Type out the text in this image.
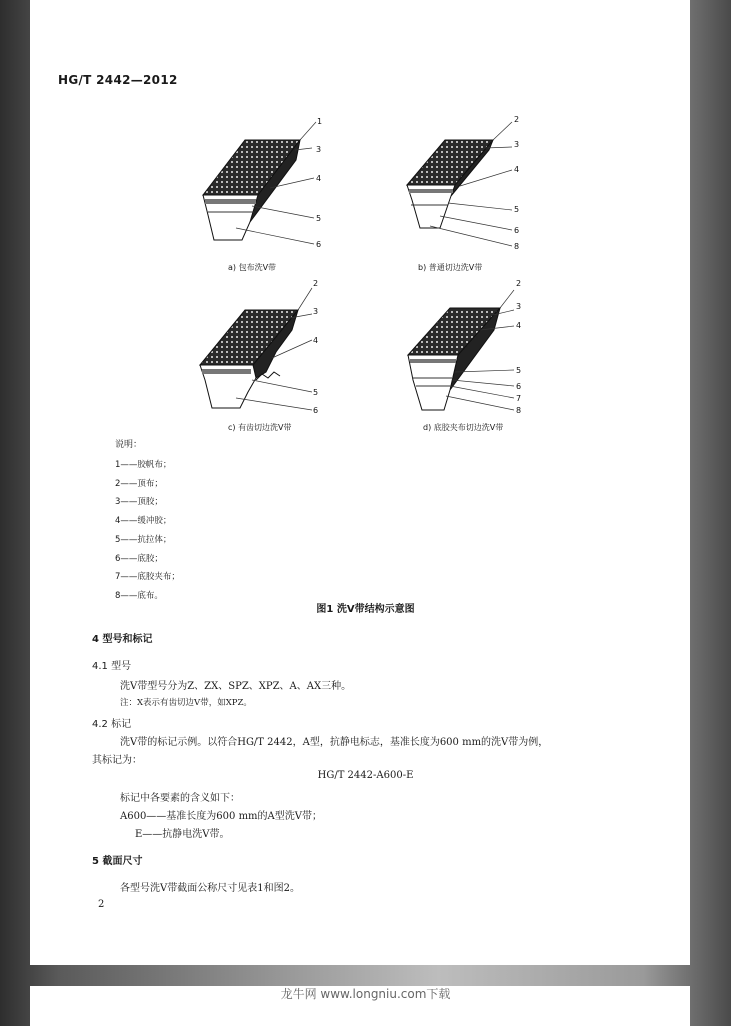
HG/T 2442—2012
1
3
4
5
6
2
3
4
5
6
8
2
3
4
5
6
2
3
4
5
6
7
8
a) 包布洗V带	b) 普通切边洗V带
c) 有齿切边洗V带	d) 底胶夹布切边洗V带
说明：
1——胶帆布；
2——顶布；
3——顶胶；
4——缓冲胶；
5——抗拉体；
6——底胶；
7——底胶夹布；
8——底布。
图1 洗V带结构示意图
4 型号和标记
4.1 型号
洗V带型号分为Z、ZX、SPZ、XPZ、A、AX三种。
注：X表示有齿切边V带，如XPZ。
4.2 标记
洗V带的标记示例。以符合HG/T 2442，A型，抗静电标志，基准长度为600 mm的洗V带为例，
其标记为：
HG/T 2442-A600-E
标记中各要素的含义如下：
A600——基准长度为600 mm的A型洗V带；
E——抗静电洗V带。
5 截面尺寸
各型号洗V带截面公称尺寸见表1和图2。
2
龙牛网 www.longniu.com下载
